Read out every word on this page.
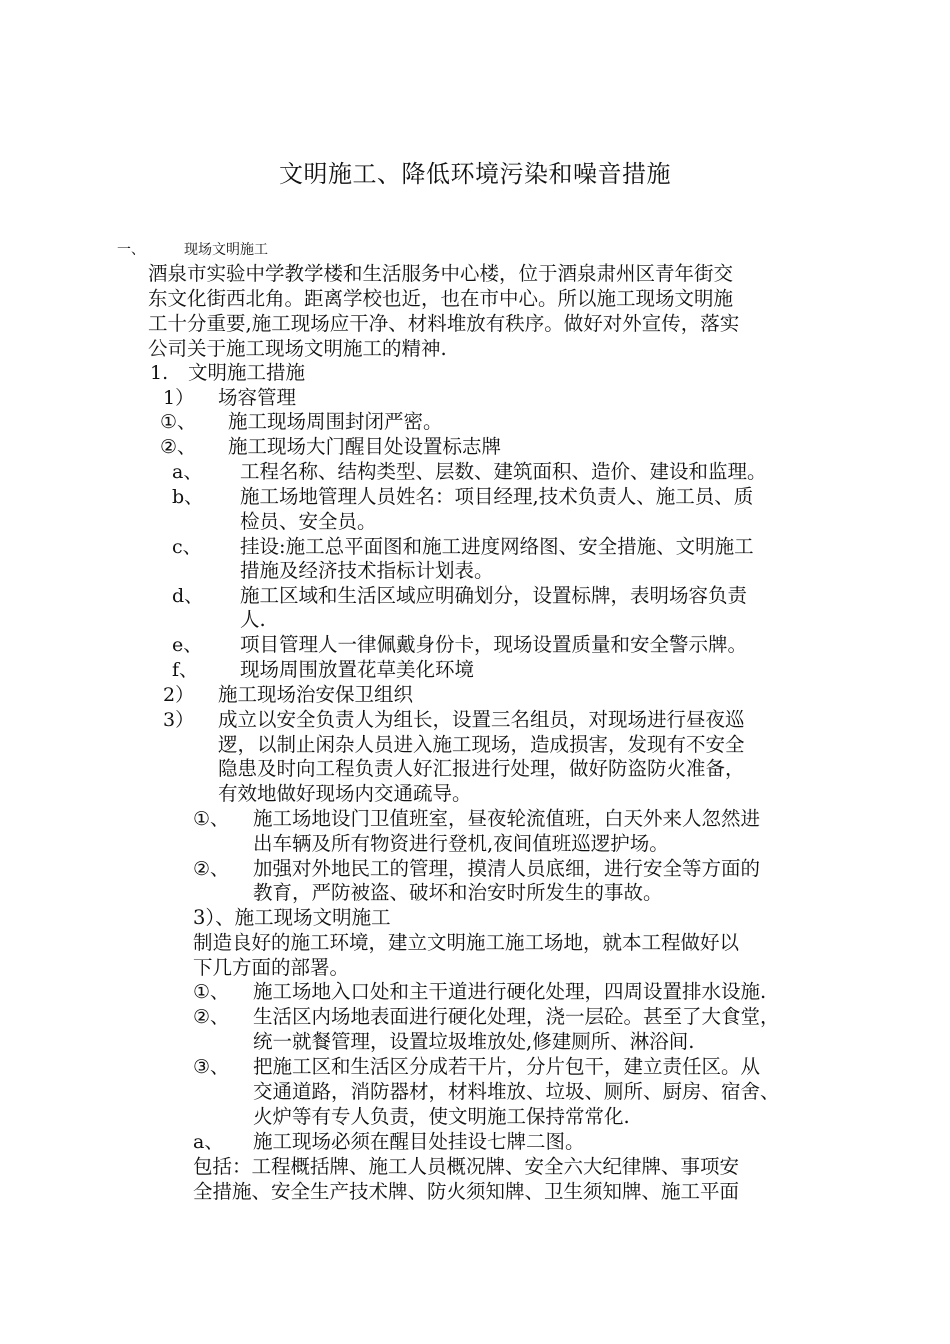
文明施工、降低环境污染和噪音措施
一、	现场文明施工
酒泉市实验中学教学楼和生活服务中心楼，位于酒泉肃州区青年街交
东文化街西北角。距离学校也近，也在市中心。所以施工现场文明施
工十分重要,施工现场应干净、材料堆放有秩序。做好对外宣传，落实
公司关于施工现场文明施工的精神.
1. 文明施工措施
1） 场容管理
①、 施工现场周围封闭严密。
②、 施工现场大门醒目处设置标志牌
a、 工程名称、结构类型、层数、建筑面积、造价、建设和监理。
b、 施工场地管理人员姓名：项目经理,技术负责人、施工员、质
检员、安全员。
c、 挂设:施工总平面图和施工进度网络图、安全措施、文明施工
措施及经济技术指标计划表。
d、 施工区域和生活区域应明确划分，设置标牌，表明场容负责
人.
e、 项目管理人一律佩戴身份卡，现场设置质量和安全警示牌。
f、 现场周围放置花草美化环境
2） 施工现场治安保卫组织
3） 成立以安全负责人为组长，设置三名组员，对现场进行昼夜巡
逻，以制止闲杂人员进入施工现场，造成损害，发现有不安全
隐患及时向工程负责人好汇报进行处理，做好防盗防火准备，
有效地做好现场内交通疏导。
①、 施工场地设门卫值班室，昼夜轮流值班，白天外来人忽然进
出车辆及所有物资进行登机,夜间值班巡逻护场。
②、 加强对外地民工的管理，摸清人员底细，进行安全等方面的
教育，严防被盗、破坏和治安时所发生的事故。
3）、施工现场文明施工
制造良好的施工环境，建立文明施工施工场地，就本工程做好以
下几方面的部署。
①、 施工场地入口处和主干道进行硬化处理，四周设置排水设施.
②、 生活区内场地表面进行硬化处理，浇一层砼。甚至了大食堂，
统一就餐管理，设置垃圾堆放处,修建厕所、淋浴间.
③、 把施工区和生活区分成若干片，分片包干，建立责任区。从
交通道路，消防器材，材料堆放、垃圾、厕所、厨房、宿舍、
火炉等有专人负责，使文明施工保持常常化.
a、 施工现场必须在醒目处挂设七牌二图。
包括：工程概括牌、施工人员概况牌、安全六大纪律牌、事项安
全措施、安全生产技术牌、防火须知牌、卫生须知牌、施工平面
